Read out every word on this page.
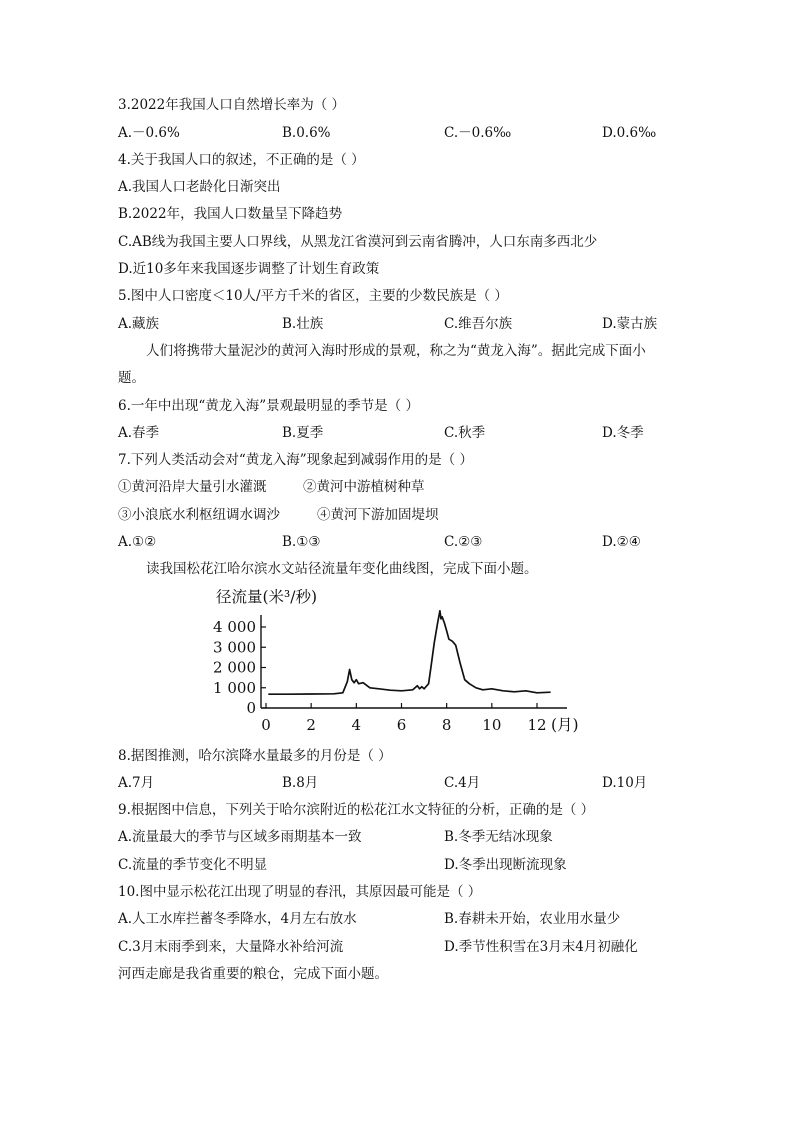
3.2022年我国人口自然增长率为（ ）
A.－0.6%	B.0.6%	C.－0.6‰	D.0.6‰
4.关于我国人口的叙述，不正确的是（ ）
A.我国人口老龄化日渐突出
B.2022年，我国人口数量呈下降趋势
C.AB线为我国主要人口界线，从黑龙江省漠河到云南省腾冲，人口东南多西北少
D.近10多年来我国逐步调整了计划生育政策
5.图中人口密度＜10人/平方千米的省区，主要的少数民族是（ ）
A.藏族	B.壮族	C.维吾尔族	D.蒙古族
人们将携带大量泥沙的黄河入海时形成的景观，称之为“黄龙入海”。据此完成下面小
题。
6.一年中出现“黄龙入海”景观最明显的季节是（ ）
A.春季	B.夏季	C.秋季	D.冬季
7.下列人类活动会对“黄龙入海”现象起到减弱作用的是（ ）
①黄河沿岸大量引水灌溉	②黄河中游植树种草
③小浪底水利枢纽调水调沙	④黄河下游加固堤坝
A.①②	B.①③	C.②③	D.②④
读我国松花江哈尔滨水文站径流量年变化曲线图，完成下面小题。
径流量(米³/秒)
0
1 000
2 000
3 000
4 000
0 2 4 6 8 10 12 (月)
8.据图推测，哈尔滨降水量最多的月份是（ ）
A.7月	B.8月	C.4月	D.10月
9.根据图中信息，下列关于哈尔滨附近的松花江水文特征的分析，正确的是（ ）
A.流量最大的季节与区域多雨期基本一致	B.冬季无结冰现象
C.流量的季节变化不明显	D.冬季出现断流现象
10.图中显示松花江出现了明显的春汛，其原因最可能是（ ）
A.人工水库拦蓄冬季降水，4月左右放水	B.春耕未开始，农业用水量少
C.3月末雨季到来，大量降水补给河流	D.季节性积雪在3月末4月初融化
河西走廊是我省重要的粮仓，完成下面小题。
